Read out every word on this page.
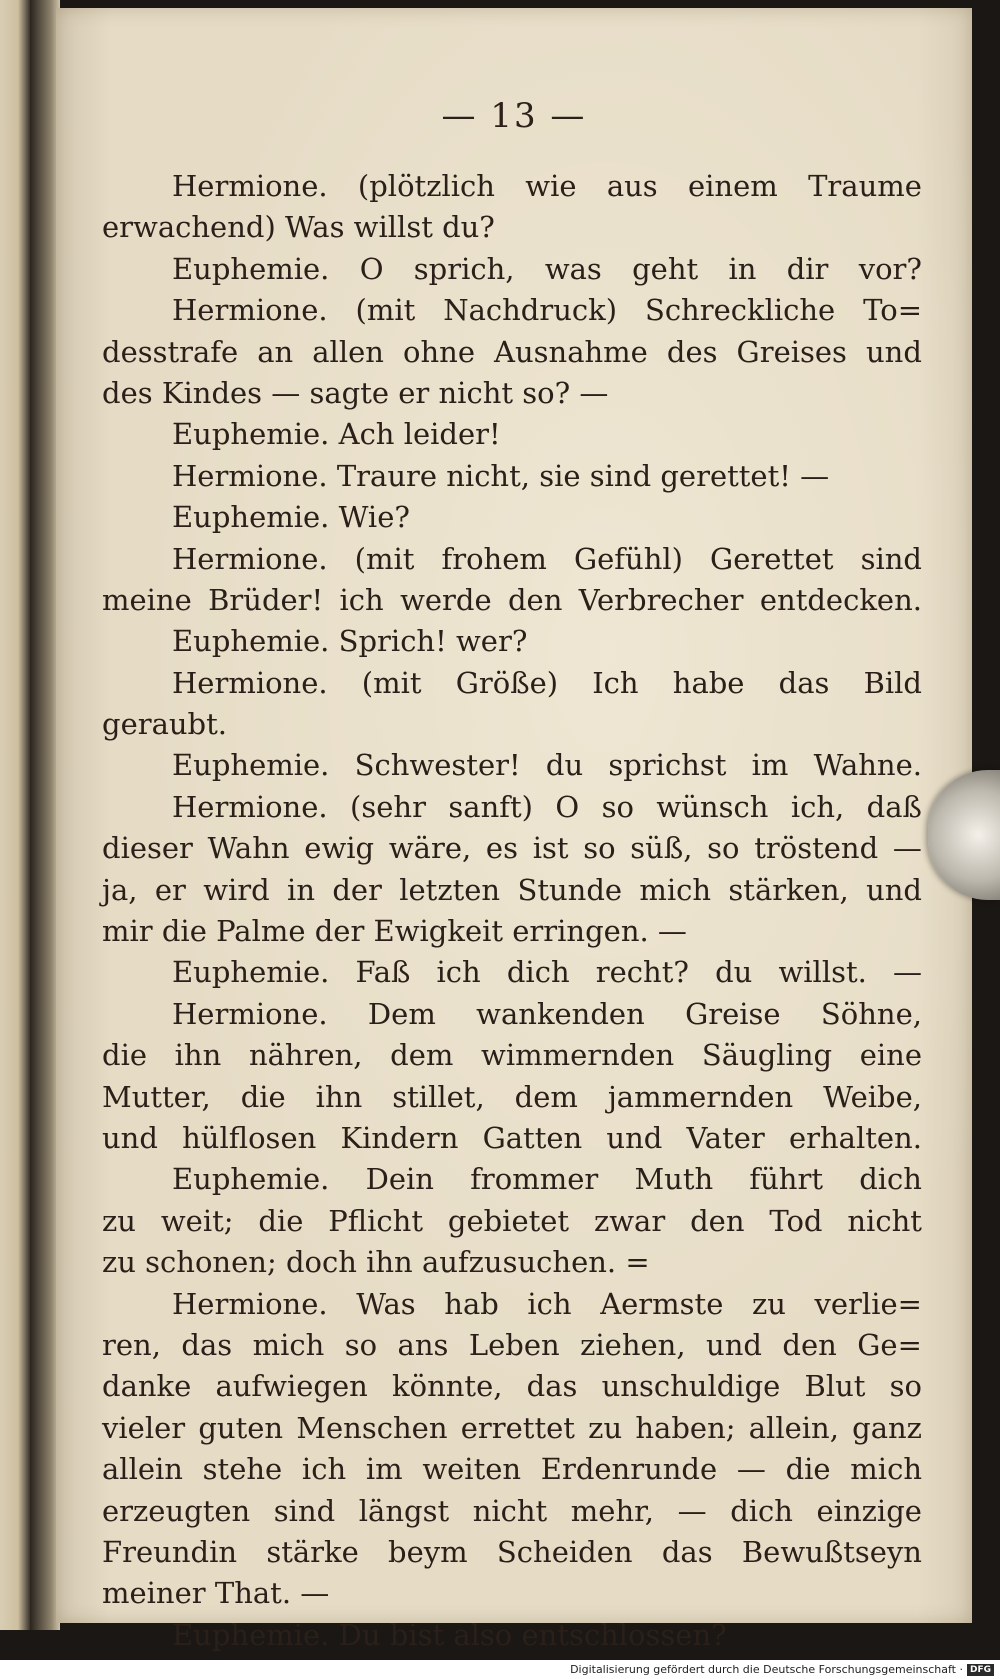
— 13 —
Hermione. (plötzlich wie aus einem Traume
erwachend) Was willst du?
Euphemie. O sprich, was geht in dir vor?
Hermione. (mit Nachdruck) Schreckliche To=
desstrafe an allen ohne Ausnahme des Greises und
des Kindes — sagte er nicht so? —
Euphemie. Ach leider!
Hermione. Traure nicht, sie sind gerettet! —
Euphemie. Wie?
Hermione. (mit frohem Gefühl) Gerettet sind
meine Brüder! ich werde den Verbrecher entdecken.
Euphemie. Sprich! wer?
Hermione. (mit Größe) Ich habe das Bild
geraubt.
Euphemie. Schwester! du sprichst im Wahne.
Hermione. (sehr sanft) O so wünsch ich, daß
dieser Wahn ewig wäre, es ist so süß, so tröstend —
ja, er wird in der letzten Stunde mich stärken, und
mir die Palme der Ewigkeit erringen. —
Euphemie. Faß ich dich recht? du willst. —
Hermione. Dem wankenden Greise Söhne,
die ihn nähren, dem wimmernden Säugling eine
Mutter, die ihn stillet, dem jammernden Weibe,
und hülflosen Kindern Gatten und Vater erhalten.
Euphemie. Dein frommer Muth führt dich
zu weit; die Pflicht gebietet zwar den Tod nicht
zu schonen; doch ihn aufzusuchen. =
Hermione. Was hab ich Aermste zu verlie=
ren, das mich so ans Leben ziehen, und den Ge=
danke aufwiegen könnte, das unschuldige Blut so
vieler guten Menschen errettet zu haben; allein, ganz
allein stehe ich im weiten Erdenrunde — die mich
erzeugten sind längst nicht mehr, — dich einzige
Freundin stärke beym Scheiden das Bewußtseyn
meiner That. —
Euphemie. Du bist also entschlossen?
Digitalisierung gefördert durch die Deutsche Forschungsgemeinschaft · DFG
